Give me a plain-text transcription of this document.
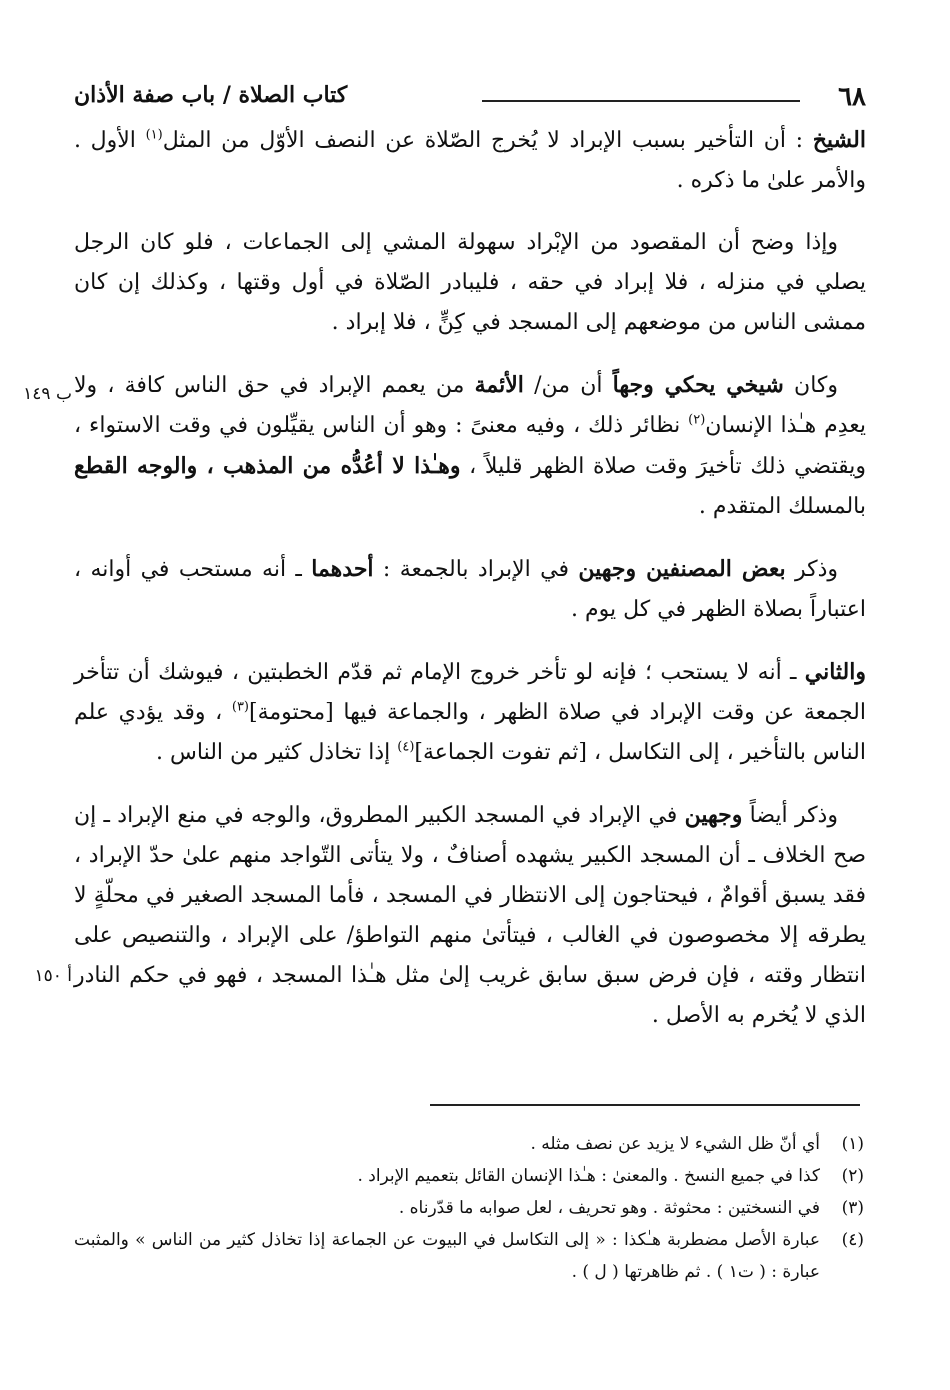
٦٨
كتاب الصلاة / باب صفة الأذان
ب ١٤٩
أ ١٥٠

الشيخ : أن التأخير بسبب الإبراد لا يُخرج الصّلاة عن النصف الأوّل من المثل$^{(١)}$ الأول . والأمر علىٰ ما ذكره .

وإذا وضح أن المقصود من الإبْراد سهولة المشي إلى الجماعات ، فلو كان الرجل يصلي في منزله ، فلا إبراد في حقه ، فليبادر الصّلاة في أول وقتها ، وكذلك إن كان ممشى الناس من موضعهم إلى المسجد في كِنٍّ ، فلا إبراد .

وكان شيخي يحكي وجهاً أن من/ الأئمة من يعمم الإبراد في حق الناس كافة ، ولا يعدِم هـٰذا الإنسان$^{(٢)}$ نظائر ذلك ، وفيه معنىً : وهو أن الناس يقيِّلون في وقت الاستواء ، ويقتضي ذلك تأخيرَ وقت صلاة الظهر قليلاً ، وهـٰذا لا أعُدُّه من المذهب ، والوجه القطع بالمسلك المتقدم .

وذكر بعض المصنفين وجهين في الإبراد بالجمعة : أحدهما ـ أنه مستحب في أوانه ، اعتباراً بصلاة الظهر في كل يوم .

والثاني ـ أنه لا يستحب ؛ فإنه لو تأخر خروج الإمام ثم قدّم الخطبتين ، فيوشك أن تتأخر الجمعة عن وقت الإبراد في صلاة الظهر ، والجماعة فيها [محتومة]$^{(٣)}$ ، وقد يؤدي علم الناس بالتأخير ، إلى التكاسل ، [ثم تفوت الجماعة]$^{(٤)}$ إذا تخاذل كثير من الناس .

وذكر أيضاً وجهين في الإبراد في المسجد الكبير المطروق، والوجه في منع الإبراد ـ إن صح الخلاف ـ أن المسجد الكبير يشهده أصنافٌ ، ولا يتأتى التّواجد منهم علىٰ حدّ الإبراد ، فقد يسبق أقوامٌ ، فيحتاجون إلى الانتظار في المسجد ، فأما المسجد الصغير في محلّةٍ لا يطرقه إلا مخصوصون في الغالب ، فيتأتىٰ منهم التواطؤ/ على الإبراد ، والتنصيص على انتظار وقته ، فإن فرض سبق سابق غريب إلىٰ مثل هـٰذا المسجد ، فهو في حكم النادر الذي لا يُخرم به الأصل .

(١)
أي أنّ ظل الشيء لا يزيد عن نصف مثله .
(٢)
كذا في جميع النسخ . والمعنىٰ : هـٰذا الإنسان القائل بتعميم الإبراد .
(٣)
في النسختين : محثوثة . وهو تحريف ، لعل صوابه ما قدّرناه .
(٤)
عبارة الأصل مضطربة هـٰكذا : « إلى التكاسل في البيوت عن الجماعة إذا تخاذل كثير من الناس » والمثبت عبارة : ( ت١ ) . ثم ظاهرتها ( ل ) .
